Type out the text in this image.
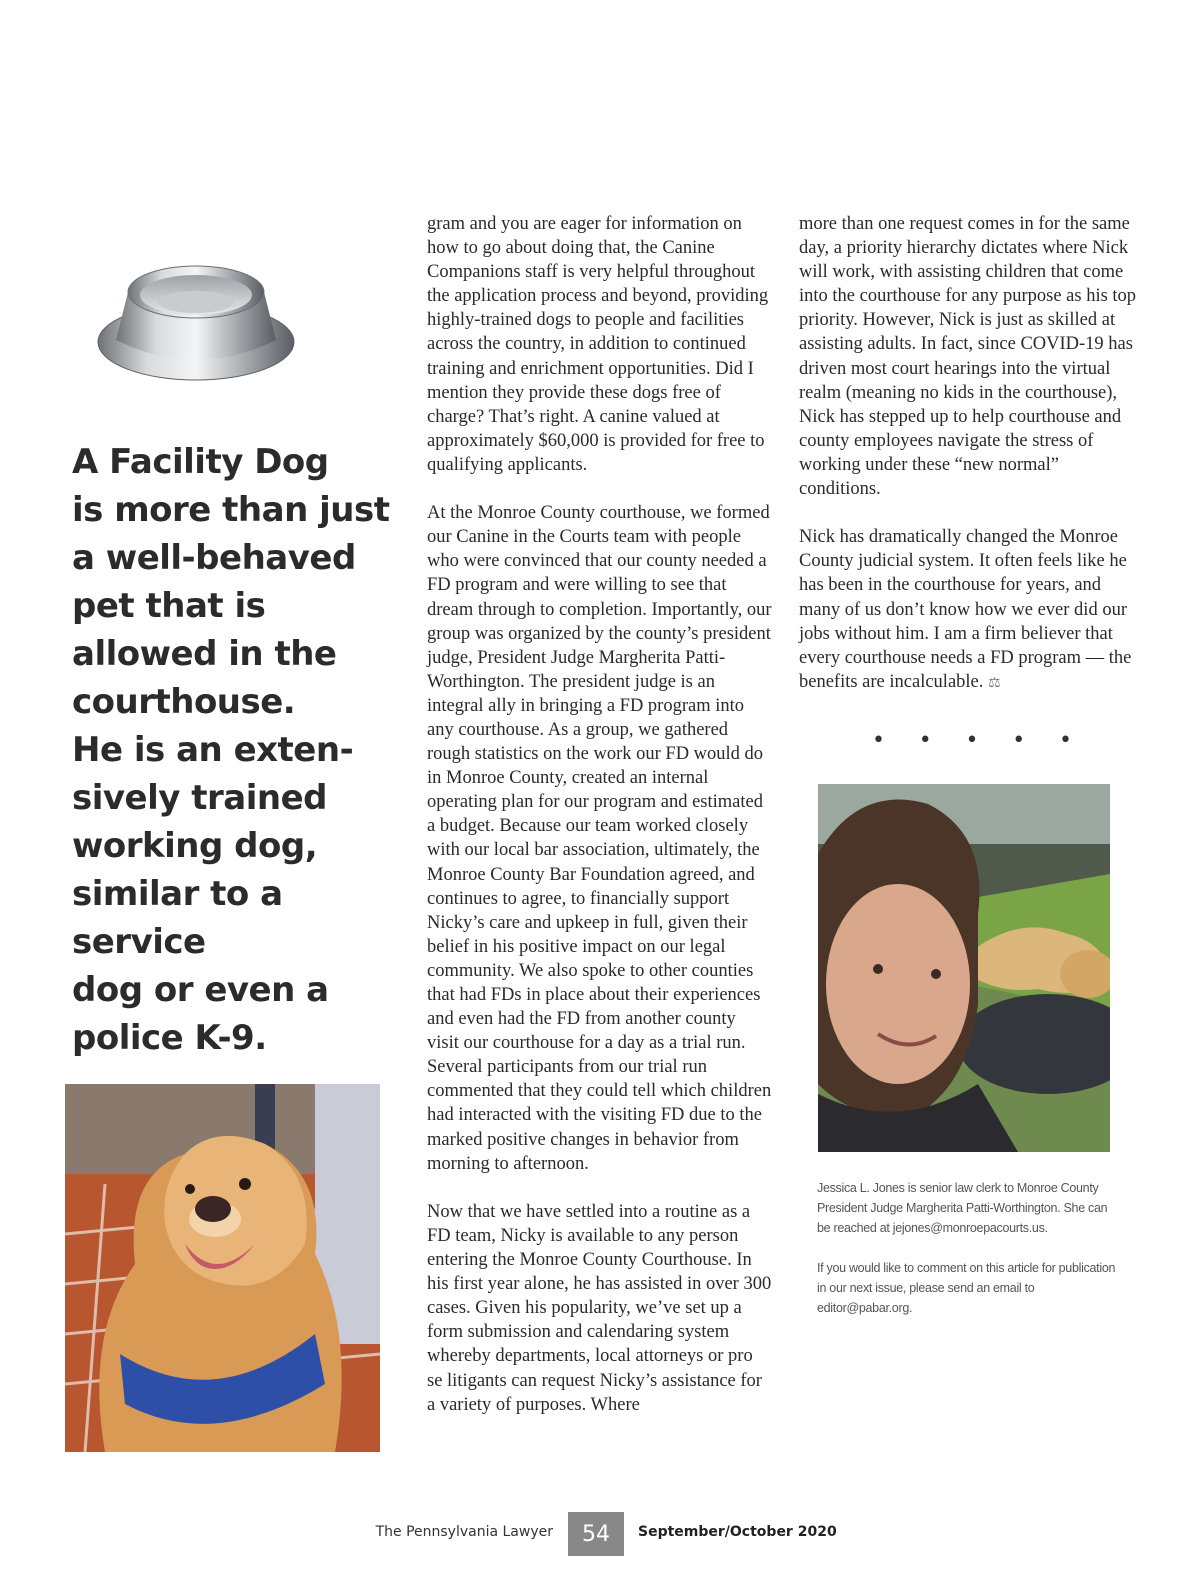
A Facility Dog

is more than just

a well-behaved

pet that is

allowed in the

courthouse.

He is an exten-

sively trained

working dog,

similar to a service

dog or even a

police K-9.

gram and you are eager for information on how to go about doing that, the Canine Companions staff is very helpful throughout the application process and beyond, providing highly-trained dogs to people and facilities across the country, in addition to continued training and enrichment opportunities. Did I mention they provide these dogs free of charge? That’s right. A canine valued at approximately $60,000 is provided for free to qualifying applicants.

At the Monroe County courthouse, we formed our Canine in the Courts team with people who were convinced that our county needed a FD program and were willing to see that dream through to completion. Importantly, our group was organized by the county’s president judge, President Judge Margherita Patti-Worthington. The president judge is an integral ally in bringing a FD program into any courthouse. As a group, we gathered rough statistics on the work our FD would do in Monroe County, created an internal operating plan for our program and estimated a budget. Because our team worked closely with our local bar association, ultimately, the Monroe County Bar Foundation agreed, and continues to agree, to financially support Nicky’s care and upkeep in full, given their belief in his positive impact on our legal community. We also spoke to other counties that had FDs in place about their experiences and even had the FD from another county visit our courthouse for a day as a trial run. Several participants from our trial run commented that they could tell which children had interacted with the visiting FD due to the marked positive changes in behavior from morning to afternoon.

Now that we have settled into a routine as a FD team, Nicky is available to any person entering the Monroe County Courthouse. In his first year alone, he has assisted in over 300 cases. Given his popularity, we’ve set up a form submission and calendaring system whereby departments, local attorneys or pro se litigants can request Nicky’s assistance for a variety of purposes. Where

more than one request comes in for the same day, a priority hierarchy dictates where Nick will work, with assisting children that come into the courthouse for any purpose as his top priority. However, Nick is just as skilled at assisting adults. In fact, since COVID-19 has driven most court hearings into the virtual realm (meaning no kids in the courthouse), Nick has stepped up to help courthouse and county employees navigate the stress of working under these “new normal” conditions.

Nick has dramatically changed the Monroe County judicial system. It often feels like he has been in the courthouse for years, and many of us don’t know how we ever did our jobs without him. I am a firm believer that every courthouse needs a FD program — the benefits are incalculable. ⚖

• • • • •

Jessica L. Jones is senior law clerk to Monroe County President Judge Margherita Patti-Worthington. She can be reached at jejones@monroepacourts.us.

If you would like to comment on this article for publication in our next issue, please send an email to editor@pabar.org.

The Pennsylvania Lawyer	54	September/October 2020
